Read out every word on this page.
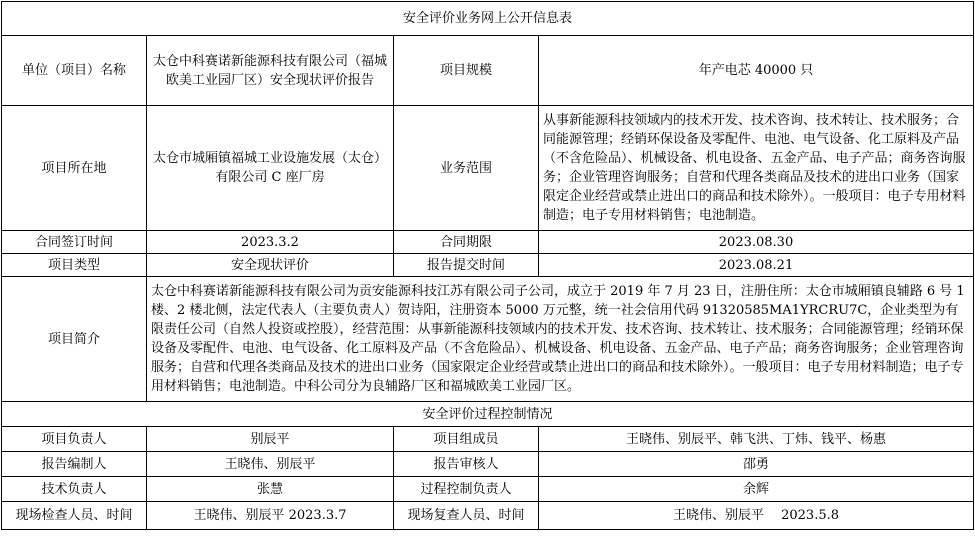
安全评价业务网上公开信息表			
单位（项目）名称	太仓中科赛诺新能源科技有限公司（福城欧美工业园厂区）安全现状评价报告	项目规模	年产电芯 40000 只
项目所在地	太仓市城厢镇福城工业设施发展（太仓）有限公司 C 座厂房	业务范围	从事新能源科技领域内的技术开发、技术咨询、技术转让、技术服务；合同能源管理；经销环保设备及零配件、电池、电气设备、化工原料及产品（不含危险品）、机械设备、机电设备、五金产品、电子产品；商务咨询服务；企业管理咨询服务；自营和代理各类商品及技术的进出口业务（国家限定企业经营或禁止进出口的商品和技术除外）。一般项目：电子专用材料制造；电子专用材料销售；电池制造。
合同签订时间	2023.3.2	合同期限	2023.08.30
项目类型	安全现状评价	报告提交时间	2023.08.21
项目简介	太仓中科赛诺新能源科技有限公司为贡安能源科技江苏有限公司子公司，成立于 2019 年 7 月 23 日，注册住所：太仓市城厢镇良辅路 6 号 1 楼、2 楼北侧，法定代表人（主要负责人）贺诗阳，注册资本 5000 万元整，统一社会信用代码 91320585MA1YRCRU7C，企业类型为有限责任公司（自然人投资或控股），经营范围：从事新能源科技领域内的技术开发、技术咨询、技术转让、技术服务；合同能源管理；经销环保设备及零配件、电池、电气设备、化工原料及产品（不含危险品）、机械设备、机电设备、五金产品、电子产品；商务咨询服务；企业管理咨询服务；自营和代理各类商品及技术的进出口业务（国家限定企业经营或禁止进出口的商品和技术除外）。一般项目：电子专用材料制造；电子专用材料销售；电池制造。中科公司分为良辅路厂区和福城欧美工业园厂区。		
安全评价过程控制情况			
项目负责人	别辰平	项目组成员	王晓伟、别辰平、韩飞洪、丁炜、钱平、杨惠
报告编制人	王晓伟、别辰平	报告审核人	邵勇
技术负责人	张慧	过程控制负责人	余辉
现场检查人员、时间	王晓伟、别辰平 2023.3.7	现场复查人员、时间	王晓伟、别辰平　 2023.5.8
